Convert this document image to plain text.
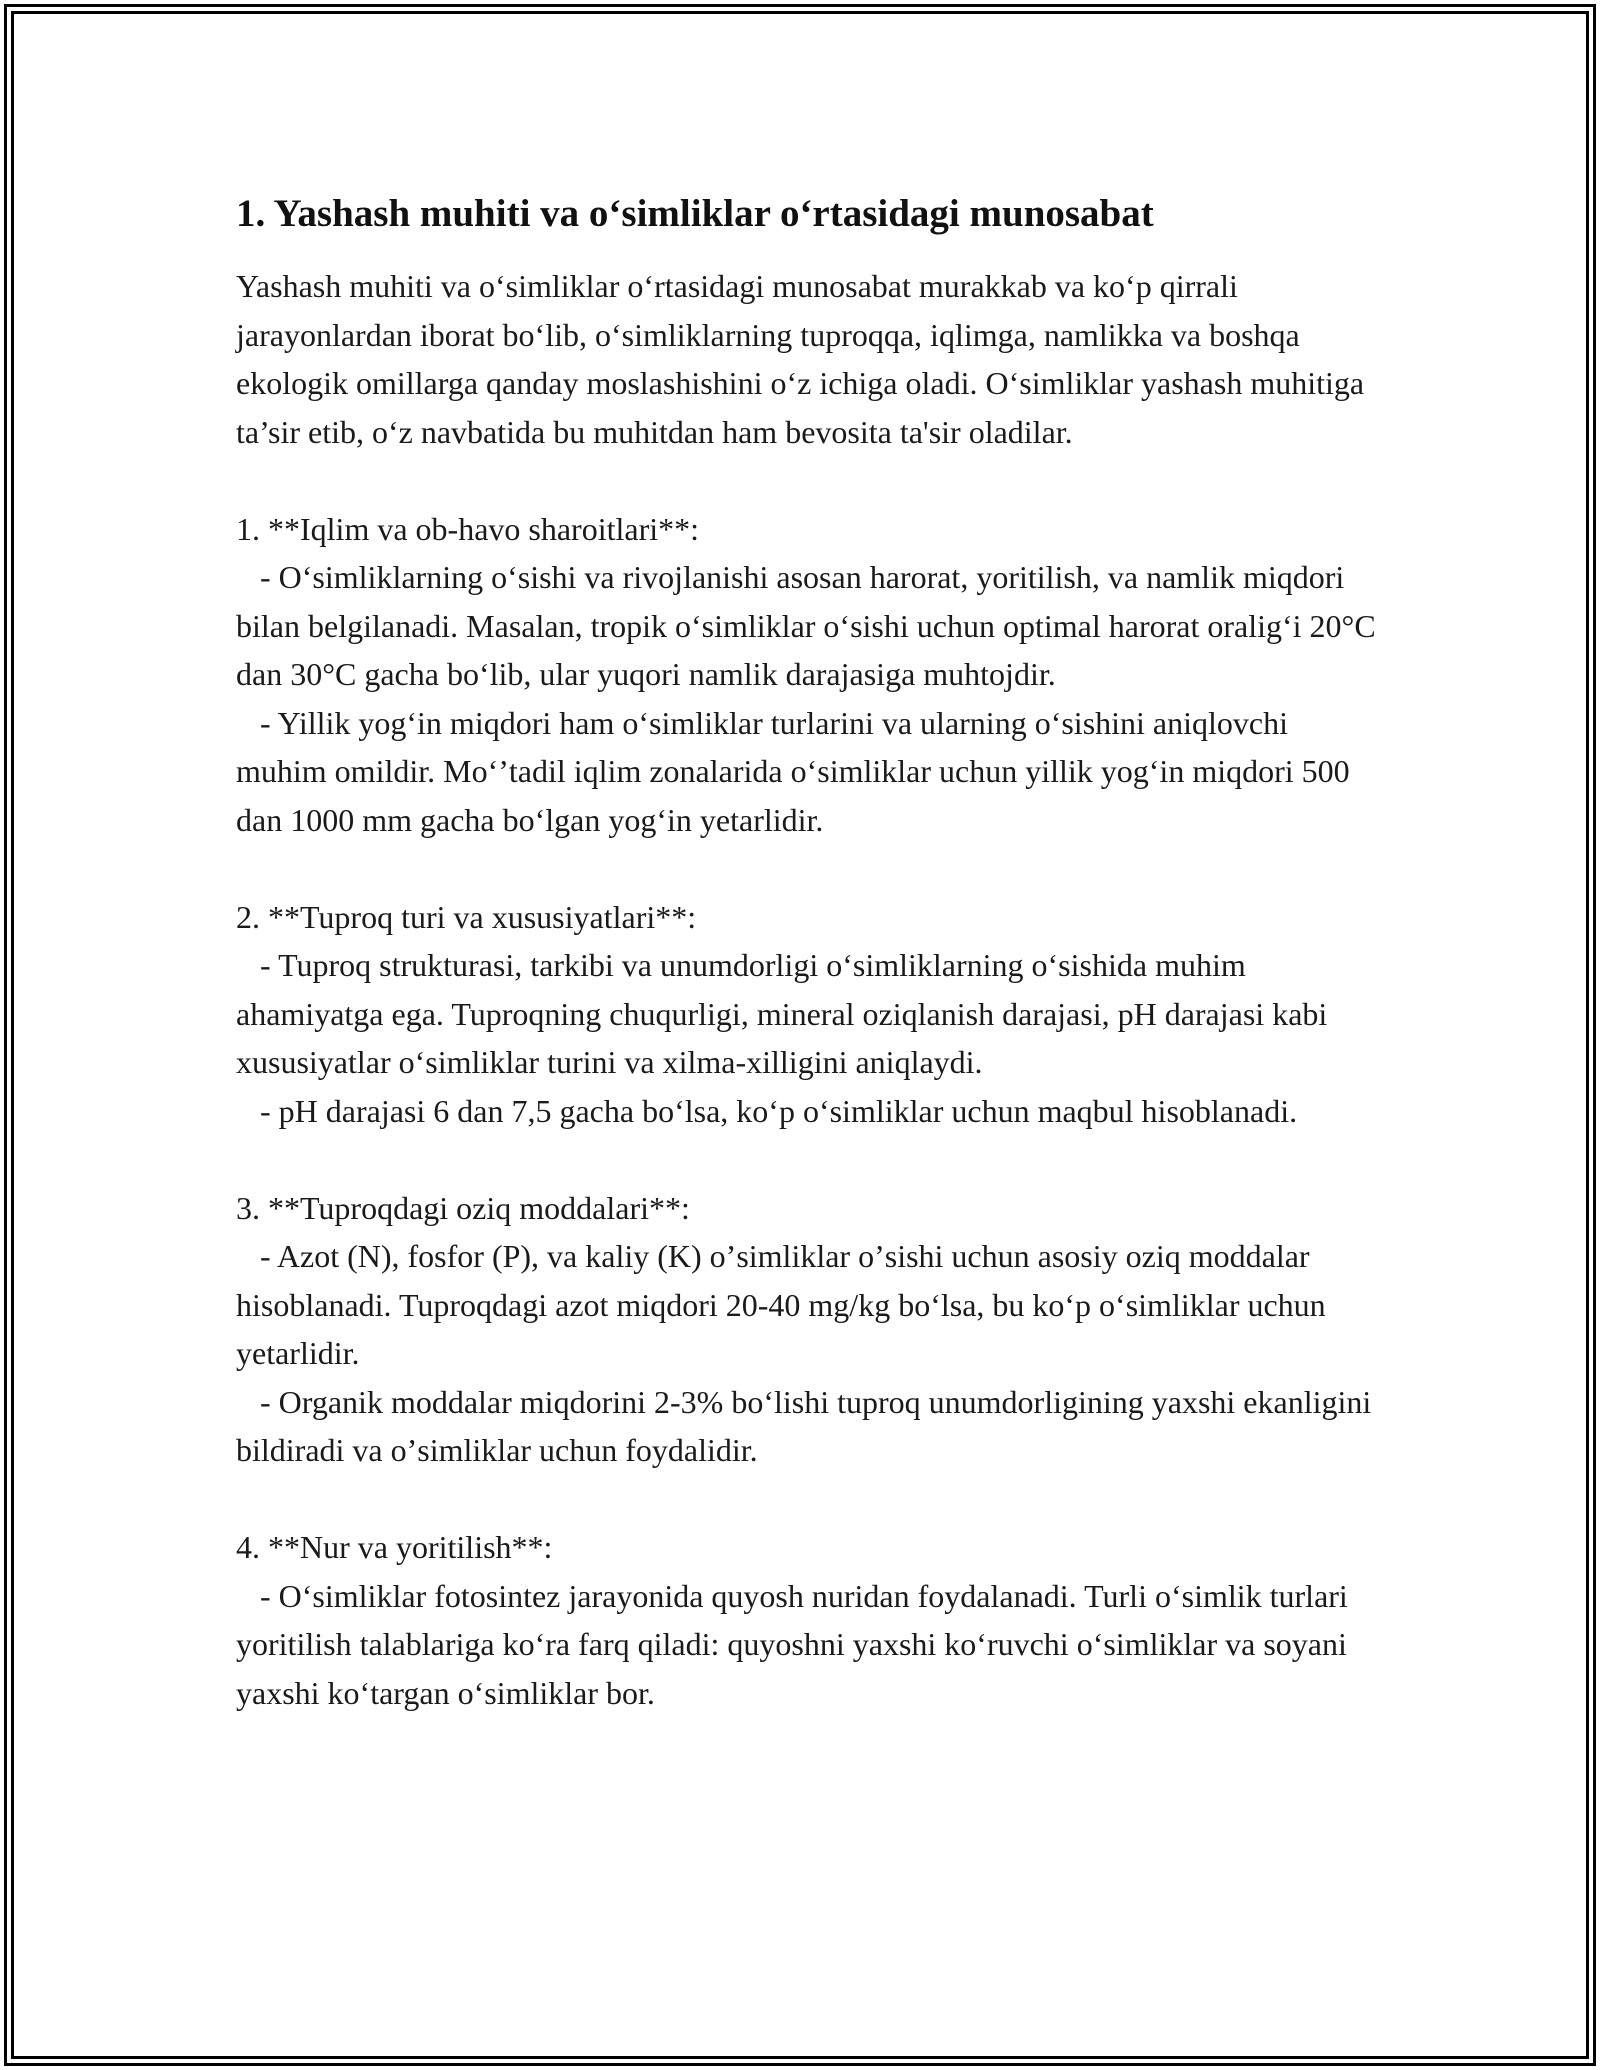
1. Yashash muhiti va oʻsimliklar oʻrtasidagi munosabat

Yashash muhiti va oʻsimliklar oʻrtasidagi munosabat murakkab va koʻp qirrali jarayonlardan iborat boʻlib, oʻsimliklarning tuproqqa, iqlimga, namlikka va boshqa ekologik omillarga qanday moslashishini oʻz ichiga oladi. Oʻsimliklar yashash muhitiga ta’sir etib, oʻz navbatida bu muhitdan ham bevosita ta'sir oladilar.

1. **Iqlim va ob-havo sharoitlari**:

- Oʻsimliklarning oʻsishi va rivojlanishi asosan harorat, yoritilish, va namlik miqdori bilan belgilanadi. Masalan, tropik oʻsimliklar oʻsishi uchun optimal harorat oraligʻi 20°C dan 30°C gacha boʻlib, ular yuqori namlik darajasiga muhtojdir.

- Yillik yogʻin miqdori ham oʻsimliklar turlarini va ularning oʻsishini aniqlovchi muhim omildir. Moʻʼtadil iqlim zonalarida oʻsimliklar uchun yillik yogʻin miqdori 500 dan 1000 mm gacha boʻlgan yogʻin yetarlidir.

2. **Tuproq turi va xususiyatlari**:

- Tuproq strukturasi, tarkibi va unumdorligi oʻsimliklarning oʻsishida muhim ahamiyatga ega. Tuproqning chuqurligi, mineral oziqlanish darajasi, pH darajasi kabi xususiyatlar oʻsimliklar turini va xilma-xilligini aniqlaydi.

- pH darajasi 6 dan 7,5 gacha boʻlsa, koʻp oʻsimliklar uchun maqbul hisoblanadi.

3. **Tuproqdagi oziq moddalari**:

- Azot (N), fosfor (P), va kaliy (K) oʼsimliklar oʼsishi uchun asosiy oziq moddalar hisoblanadi. Tuproqdagi azot miqdori 20-40 mg/kg boʻlsa, bu koʻp oʻsimliklar uchun yetarlidir.

- Organik moddalar miqdorini 2-3% boʻlishi tuproq unumdorligining yaxshi ekanligini bildiradi va oʼsimliklar uchun foydalidir.

4. **Nur va yoritilish**:

- Oʻsimliklar fotosintez jarayonida quyosh nuridan foydalanadi. Turli oʻsimlik turlari yoritilish talablariga koʻra farq qiladi: quyoshni yaxshi koʻruvchi oʻsimliklar va soyani yaxshi koʻtargan oʻsimliklar bor.
